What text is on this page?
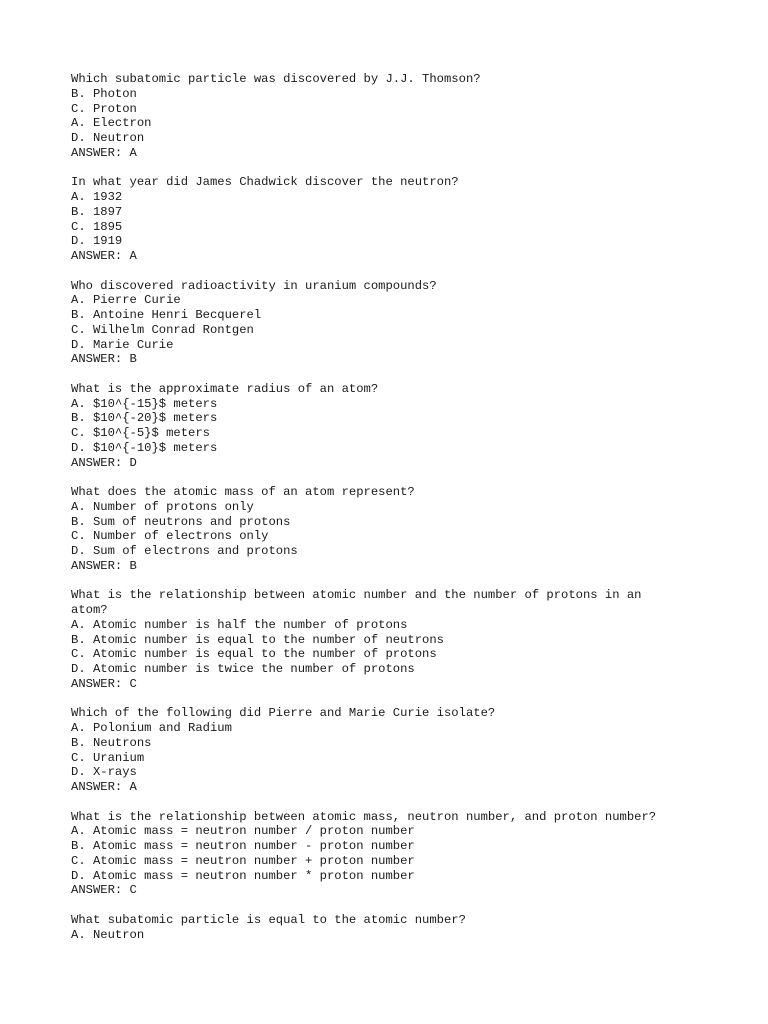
Which subatomic particle was discovered by J.J. Thomson?
B. Photon
C. Proton
A. Electron
D. Neutron
ANSWER: A
In what year did James Chadwick discover the neutron?
A. 1932
B. 1897
C. 1895
D. 1919
ANSWER: A
Who discovered radioactivity in uranium compounds?
A. Pierre Curie
B. Antoine Henri Becquerel
C. Wilhelm Conrad Rontgen
D. Marie Curie
ANSWER: B
What is the approximate radius of an atom?
A. $10^{-15}$ meters
B. $10^{-20}$ meters
C. $10^{-5}$ meters
D. $10^{-10}$ meters
ANSWER: D
What does the atomic mass of an atom represent?
A. Number of protons only
B. Sum of neutrons and protons
C. Number of electrons only
D. Sum of electrons and protons
ANSWER: B
What is the relationship between atomic number and the number of protons in an
atom?
A. Atomic number is half the number of protons
B. Atomic number is equal to the number of neutrons
C. Atomic number is equal to the number of protons
D. Atomic number is twice the number of protons
ANSWER: C
Which of the following did Pierre and Marie Curie isolate?
A. Polonium and Radium
B. Neutrons
C. Uranium
D. X-rays
ANSWER: A
What is the relationship between atomic mass, neutron number, and proton number?
A. Atomic mass = neutron number / proton number
B. Atomic mass = neutron number - proton number
C. Atomic mass = neutron number + proton number
D. Atomic mass = neutron number * proton number
ANSWER: C
What subatomic particle is equal to the atomic number?
A. Neutron
